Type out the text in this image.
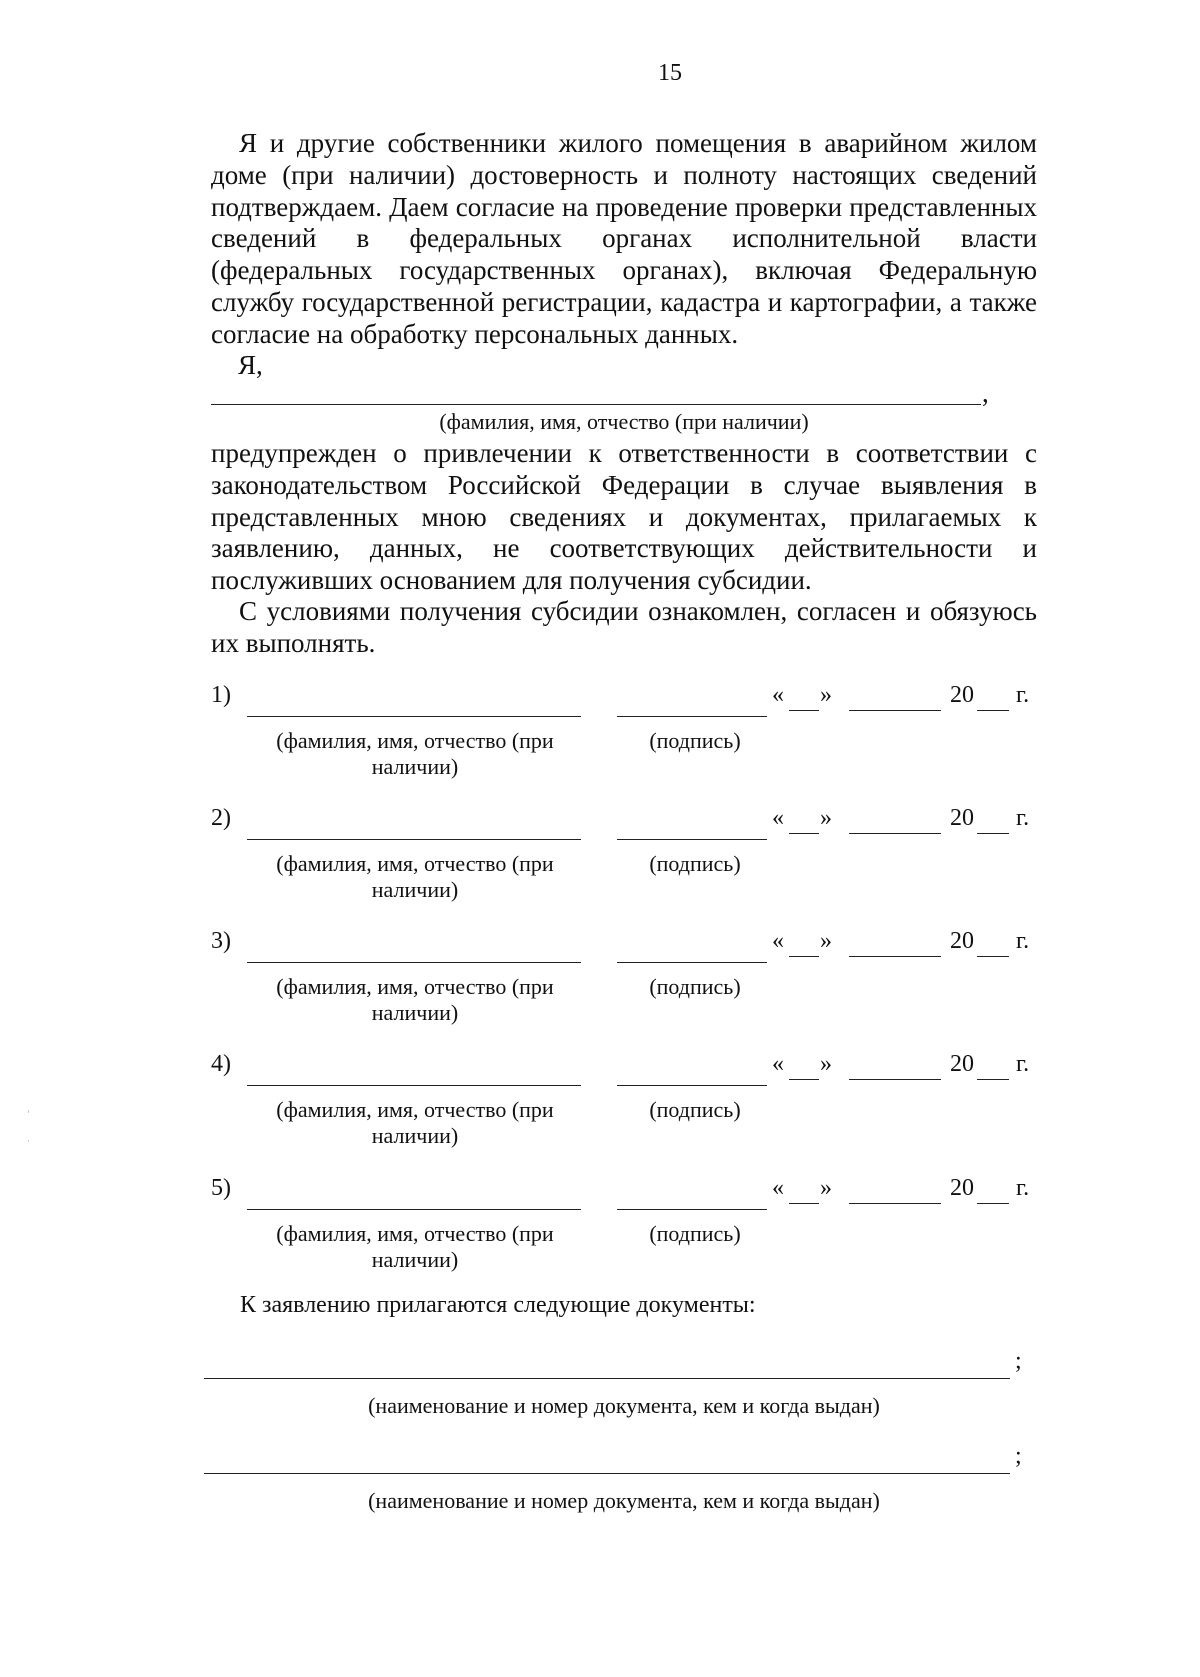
15
Я и другие собственники жилого помещения в аварийном жилом доме (при наличии) достоверность и полноту настоящих сведений подтверждаем. Даем согласие на проведение проверки представленных сведений в федеральных органах исполнительной власти (федеральных государственных органах), включая Федеральную службу государственной регистрации, кадастра и картографии, а также согласие на обработку персональных данных.
Я,
,
(фамилия, имя, отчество (при наличии)
предупрежден о привлечении к ответственности в соответствии с законодательством Российской Федерации в случае выявления в представленных мною сведениях и документах, прилагаемых к заявлению, данных, не соответствующих действительности и послуживших основанием для получения субсидии.
С условиями получения субсидии ознакомлен, согласен и обязуюсь их выполнять.
1)	« »	20 г.
(фамилия, имя, отчество (при наличии)
(подпись)
2)	« »	20 г.
(фамилия, имя, отчество (при наличии)
(подпись)
3)	« »	20 г.
(фамилия, имя, отчество (при наличии)
(подпись)
4)	« »	20 г.
(фамилия, имя, отчество (при наличии)
(подпись)
5)	« »	20 г.
(фамилия, имя, отчество (при наличии)
(подпись)
К заявлению прилагаются следующие документы:
;
(наименование и номер документа, кем и когда выдан)
;
(наименование и номер документа, кем и когда выдан)
